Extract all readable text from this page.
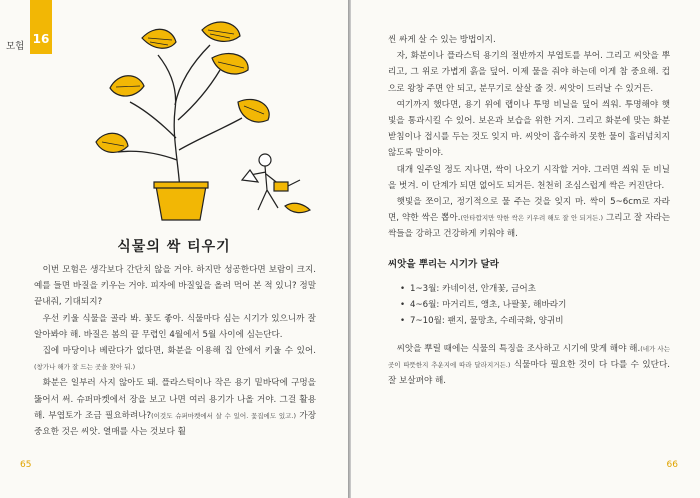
16
모험
식물의 싹 티우기

이번 모험은 생각보다 간단치 않을 거야. 하지만 성공한다면 보람이 크지. 예를 들면 바질을 키우는 거야. 피자에 바질잎을 올려 먹어 본 적 있니? 정말 끝내줘, 기대되지?

우선 키울 식물을 골라 봐. 꽃도 좋아. 식물마다 심는 시기가 있으니까 잘 알아봐야 해. 바질은 봄의 끝 무렵인 4월에서 5월 사이에 심는단다.

집에 마당이나 베란다가 없다면, 화분을 이용해 집 안에서 키울 수 있어.(창가나 해가 잘 드는 곳을 찾아 둬.)

화분은 일부러 사지 않아도 돼. 플라스틱이나 작은 용기 밑바닥에 구멍을 뚫어서 써. 슈퍼마켓에서 장을 보고 나면 여러 용기가 나올 거야. 그걸 활용해. 부엽토가 조금 필요하려나?(이것도 슈퍼마켓에서 살 수 있어. 꽃집에도 있고.) 가장 중요한 것은 씨앗. 열매를 사는 것보다 훨

65

씬 싸게 살 수 있는 방법이지.

자, 화분이나 플라스틱 용기의 절반까지 부엽토를 부어. 그리고 씨앗을 뿌리고, 그 위로 가볍게 흙을 덮어. 이제 물을 줘야 하는데 이게 참 중요해. 컵으로 왕창 주면 안 되고, 분무기로 살살 줄 것. 씨앗이 드러날 수 있거든.

여기까지 했다면, 용기 위에 랩이나 투명 비닐을 덮어 씌워. 투명해야 햇빛을 통과시킬 수 있어. 보온과 보습을 위한 거지. 그리고 화분에 맞는 화분 받침이나 접시를 두는 것도 잊지 마. 씨앗이 흡수하지 못한 물이 흘러넘치지 않도록 말이야.

대개 일주일 정도 지나면, 싹이 나오기 시작할 거야. 그러면 씌워 둔 비닐을 벗겨. 이 단계가 되면 없어도 되거든. 천천히 조심스럽게 싹은 커진단다.

햇빛을 쪼이고, 정기적으로 물 주는 것을 잊지 마. 싹이 5~6cm로 자라면, 약한 싹은 뽑아.(안타깝지만 약한 싹은 키우려 해도 잘 안 되거든.) 그리고 잘 자라는 싹들을 강하고 건강하게 키워야 해.

씨앗을 뿌리는 시기가 달라

• 1~3월: 카네이션, 안개꽃, 금어초
• 4~6월: 마거리트, 앵초, 나팔꽃, 해바라기
• 7~10월: 팬지, 물망초, 수레국화, 양귀비

씨앗을 뿌릴 때에는 식물의 특징을 조사하고 시기에 맞게 해야 해.(네가 사는 곳이 따뜻한지 추운지에 따라 달라지거든.) 식물마다 필요한 것이 다 다를 수 있단다. 잘 보살펴야 해.

66
